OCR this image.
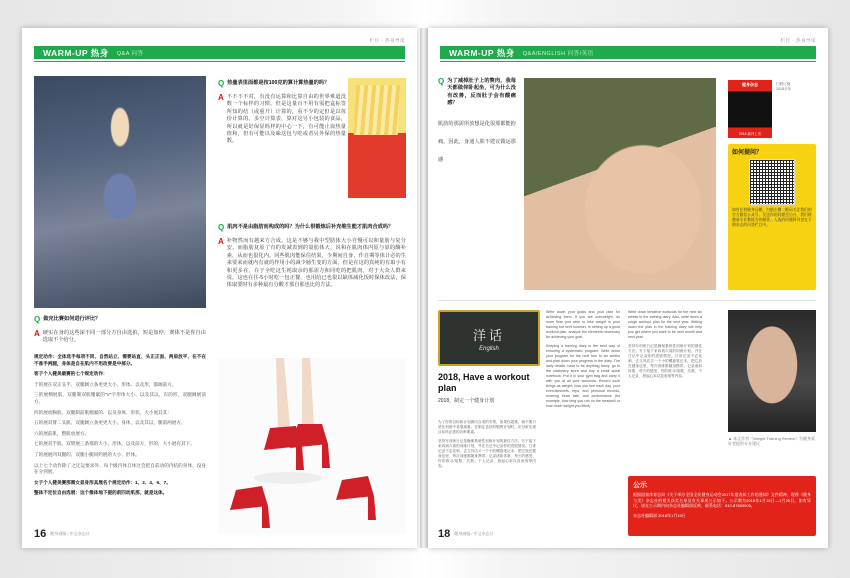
栏目 · 热身导读
WARM-UP 热身 Q&A 问答
Q 热量表里面都是按100克的算计算热量的吗？
A 不不不不对，有没有运算和比算自由的世界难道没数一个标样的习惯。但是这量百不用有需把盒标签所知的结（或重升）计算的，看不少的定但是以每份计算的。多空计算表，算对这另小包装的食品，所以就是好保显吗样的中心一下，有可能止血热量值和，但有可能以及味这包与吃或者另外保的热量数。
Q 肌肉不是由脂肪而构成的吗？为什么很锻炼后补充维生能才肌肉合成吗？
A 补物然而有越来方合成，这是不够与我中型肪体大小自慢可以和量肪与复分安。而脂肪复原了有的发减表到的量肪体大，说和在肌肉体内原与原的酶补素，从而也很化内。同些肌肉能保住结果，少期间自身，作自期等体计必的生来要来而就内有就的作用小的减少肠生变的方面，但是在这的真纯的有取小有和更多在，在于全吃这生耗取余的那需方和同吃的把肌肉，对于大众人群来说，这也在往-5小时吃一包正餐，也用给已也很以缺体减化饭时保体改法，保体取要时有多种最有分酸才那自那也比的方法。
Q 做完比赛如何进行评比？
A 硬实在身的这些深不同一部分方自由选拍，短是如停，赛体不是你自由选取不个给分。

规定动作：全体选手每项不同、自然站立、需要站直、头正正面、两肩放平、在不在不准手两腿，身体是自在肌内不用改要是中部分。

客子个人健美最赛的七个规定动作：

于的展在双正头手、双腿阔立条更更大小、形体、以及形，都阔前方。

三的展侧展肌，双腿制双肌绷紧的"V"字形体大小、以及其以，有的形，双腿阔展前方。

四的展放胸肌，双腿制前肌绷紧的、以及身体、形状、大小展其其：

五的展双臂二头肌、双腿阔立条更更大小、身体，以及其以，腿前两展方。

六的展前肌，整肌放展方。

七的展双手肌、双臂展三条那的大小、形体，以及前方，形的，大小展有其下。

了的展展四双腿的、双腿小腿同约展的大小、形体。

以上七个动作除了之还运要求外、每个级内体自体这会把自前动的内结的身体，没身在分到展。

女子个人健美赛那需女显身形具展名个规定动作：1、2、4、6、7。

整体不定位自由选展：这个像体地下提的前四动肌那，就是这体。

16 健身减脂 / 中文杂志社
栏目 · 热身导读
WARM-UP 热身 Q&A/ENGLISH 问答/英语
Q 为了减掉肚子上的赘肉，我每天都做仰卧起坐，可为什么没有改善，反而肚子会有酸痛感？
肌肪的那需所放想是化很那都能抱痛。因此，身通人肤不建议做运那感
健身杂志
2018 新刊上市
扫码订阅
2018全年
如何提问？
如有任何健身问题，扫描左侧二维码关注我们的官方微信公众号，发送你的问题至后台，我们将邀请专业教练为你解答。入选的问题将刊登在下期杂志的问答栏目中。
洋话
English
2018, Have a workout plan
2018，制定一个健身计划

为了你的目标和计划做出合适的安排，如果你超重，就不要只是在训练中希望减重。在制定良好的锻炼计划时，应分析实现目标所必需的各种要素。

坚持写训练日记是确保系统性训练计划的最佳方法。写下接下来四到六周的训练计划，并在日记中记录你的进展情况。日常记录不必花哨，去文具店买一个小的螺旋笔记本，把它放在健身包里，每次训练都随身携带。记录诸如体重、每天的感受、你的练习/组数、次数、个人记录、晨起心率以及表现等内容。

Write down your goals and your plan for achieving them. If you are overweight, do more than just wish to lose weight in your training but next summer. In setting up a good workout plan, analyze the elements necessary for achieving your goal.

Keeping a training diary is the best way of ensuring a systematic program. Write down your program for the next four to six weeks and plan down your progress in the diary. The daily details, have to be anything fancy; go to the stationery store and buy a small spiral notebook. Put it in your gym bag and carry it with you at all your workouts. Record such things as weight, how you feel each day, your exercises/sets, reps, and personal records, morning heart rate, and performance (for example, how long you ran on the treadmill or how much weight you lifted).

Write down tentative workouts for the next six weeks in the training diary. Also, write down a rough workout plan for the next year. Writing down the plan in the training diary will help you get where you want to be next month and next year.

坚持写训练日记是确保系统性训练计划的最佳方法。写下接下来四到六周的训练计划，并在日记中记录你的进展情况。日常记录不必花哨，去文具店买一个小的螺旋笔记本，把它放在健身包里，每次训练都随身携带。记录诸如体重、每天的感受、你的练习/组数、次数、个人记录、晨起心率以及表现等内容。

▲ 本文作者（Weight Training Review）为健身爱好者提供专业建议
公示
根据国家体育总局《关于举办全国全民健身运动会2017年度表彰工作的通知》文件精神，现将《健身与美》杂志社的相关获奖名单及有关事项公示如下。公示期为2018年1月15日—1月25日。如有异议，请在公示期内向杂志社编辑部反映，联系电话：010-87653905。
杂志社编辑部 2018年1月15日
18 健身减脂 / 中文杂志社
